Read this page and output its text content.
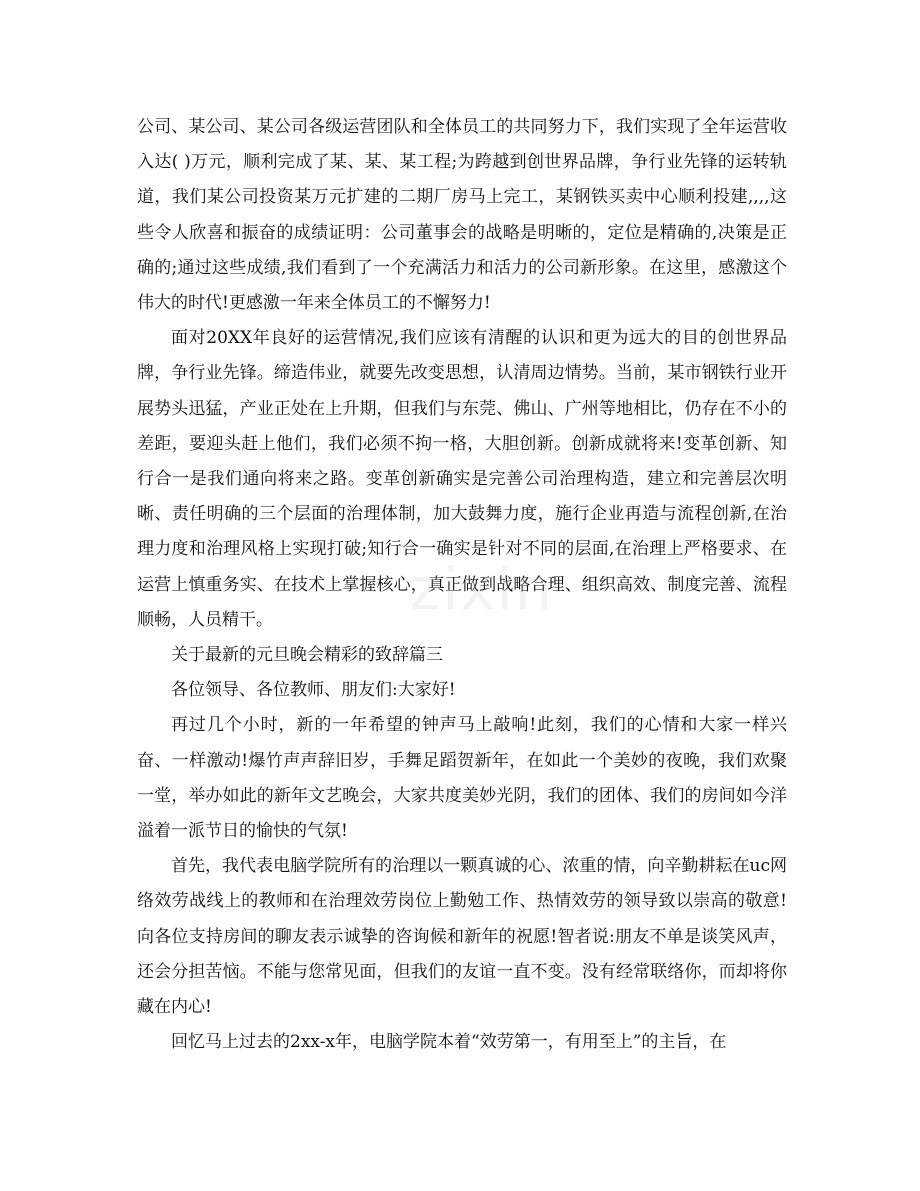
公司、某公司、某公司各级运营团队和全体员工的共同努力下，我们实现了全年运营收入达( )万元，顺利完成了某、某、某工程;为跨越到创世界品牌，争行业先锋的运转轨道，我们某公司投资某万元扩建的二期厂房马上完工，某钢铁买卖中心顺利投建,,,,这些令人欣喜和振奋的成绩证明：公司董事会的战略是明晰的，定位是精确的,决策是正确的;通过这些成绩,我们看到了一个充满活力和活力的公司新形象。在这里，感激这个伟大的时代!更感激一年来全体员工的不懈努力!

面对20XX年良好的运营情况,我们应该有清醒的认识和更为远大的目的创世界品牌，争行业先锋。缔造伟业，就要先改变思想，认清周边情势。当前，某市钢铁行业开展势头迅猛，产业正处在上升期，但我们与东莞、佛山、广州等地相比，仍存在不小的差距，要迎头赶上他们，我们必须不拘一格，大胆创新。创新成就将来!变革创新、知行合一是我们通向将来之路。变革创新确实是完善公司治理构造，建立和完善层次明晰、责任明确的三个层面的治理体制，加大鼓舞力度，施行企业再造与流程创新,在治理力度和治理风格上实现打破;知行合一确实是针对不同的层面,在治理上严格要求、在运营上慎重务实、在技术上掌握核心，真正做到战略合理、组织高效、制度完善、流程顺畅，人员精干。

关于最新的元旦晚会精彩的致辞篇三

各位领导、各位教师、朋友们:大家好!

再过几个小时，新的一年希望的钟声马上敲响!此刻，我们的心情和大家一样兴奋、一样激动!爆竹声声辞旧岁，手舞足蹈贺新年，在如此一个美妙的夜晚，我们欢聚一堂，举办如此的新年文艺晚会，大家共度美妙光阴，我们的团体、我们的房间如今洋溢着一派节日的愉快的气氛!

首先，我代表电脑学院所有的治理以一颗真诚的心、浓重的情，向辛勤耕耘在uc网络效劳战线上的教师和在治理效劳岗位上勤勉工作、热情效劳的领导致以崇高的敬意!向各位支持房间的聊友表示诚挚的咨询候和新年的祝愿!智者说:朋友不单是谈笑风声，还会分担苦恼。不能与您常见面，但我们的友谊一直不变。没有经常联络你，而却将你藏在内心!

回忆马上过去的2xx-x年，电脑学院本着“效劳第一，有用至上”的主旨，在

zixin
